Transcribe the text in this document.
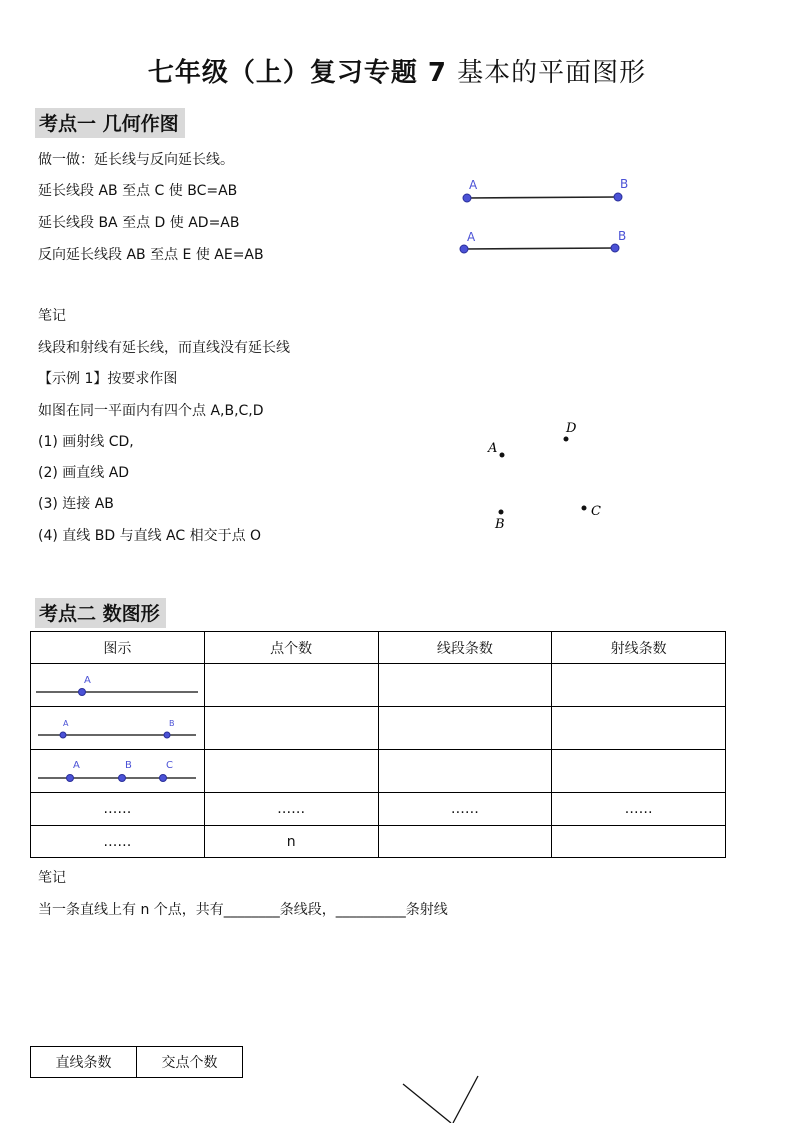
七年级（上）复习专题 7 基本的平面图形
考点一 几何作图
做一做：延长线与反向延长线。
延长线段 AB 至点 C 使 BC=AB
延长线段 BA 至点 D 使 AD=AB
反向延长线段 AB 至点 E 使 AE=AB
A	B
A	B
笔记
线段和射线有延长线，而直线没有延长线
【示例 1】按要求作图
如图在同一平面内有四个点 A,B,C,D
(1) 画射线 CD,
(2) 画直线 AD
(3) 连接 AB
(4) 直线 BD 与直线 AC 相交于点 O
A
D
B
C
考点二 数图形
图示	点个数	线段条数	射线条数

A			

A B			

A B C			

……	……	……	……
……	n		
笔记
当一条直线上有 n 个点，共有________条线段，__________条射线
直线条数	交点个数
